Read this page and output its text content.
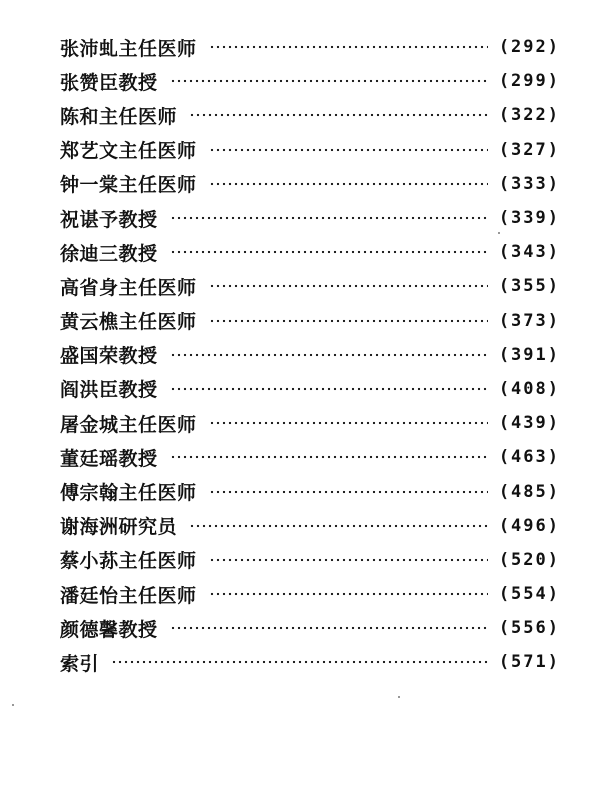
张沛虬主任医师	(292)
张赞臣教授	(299)
陈和主任医师	(322)
郑艺文主任医师	(327)
钟一棠主任医师	(333)
祝谌予教授	(339)
徐迪三教授	(343)
高省身主任医师	(355)
黄云樵主任医师	(373)
盛国荣教授	(391)
阎洪臣教授	(408)
屠金城主任医师	(439)
董廷瑶教授	(463)
傅宗翰主任医师	(485)
谢海洲研究员	(496)
蔡小荪主任医师	(520)
潘廷怡主任医师	(554)
颜德馨教授	(556)
索引	(571)
